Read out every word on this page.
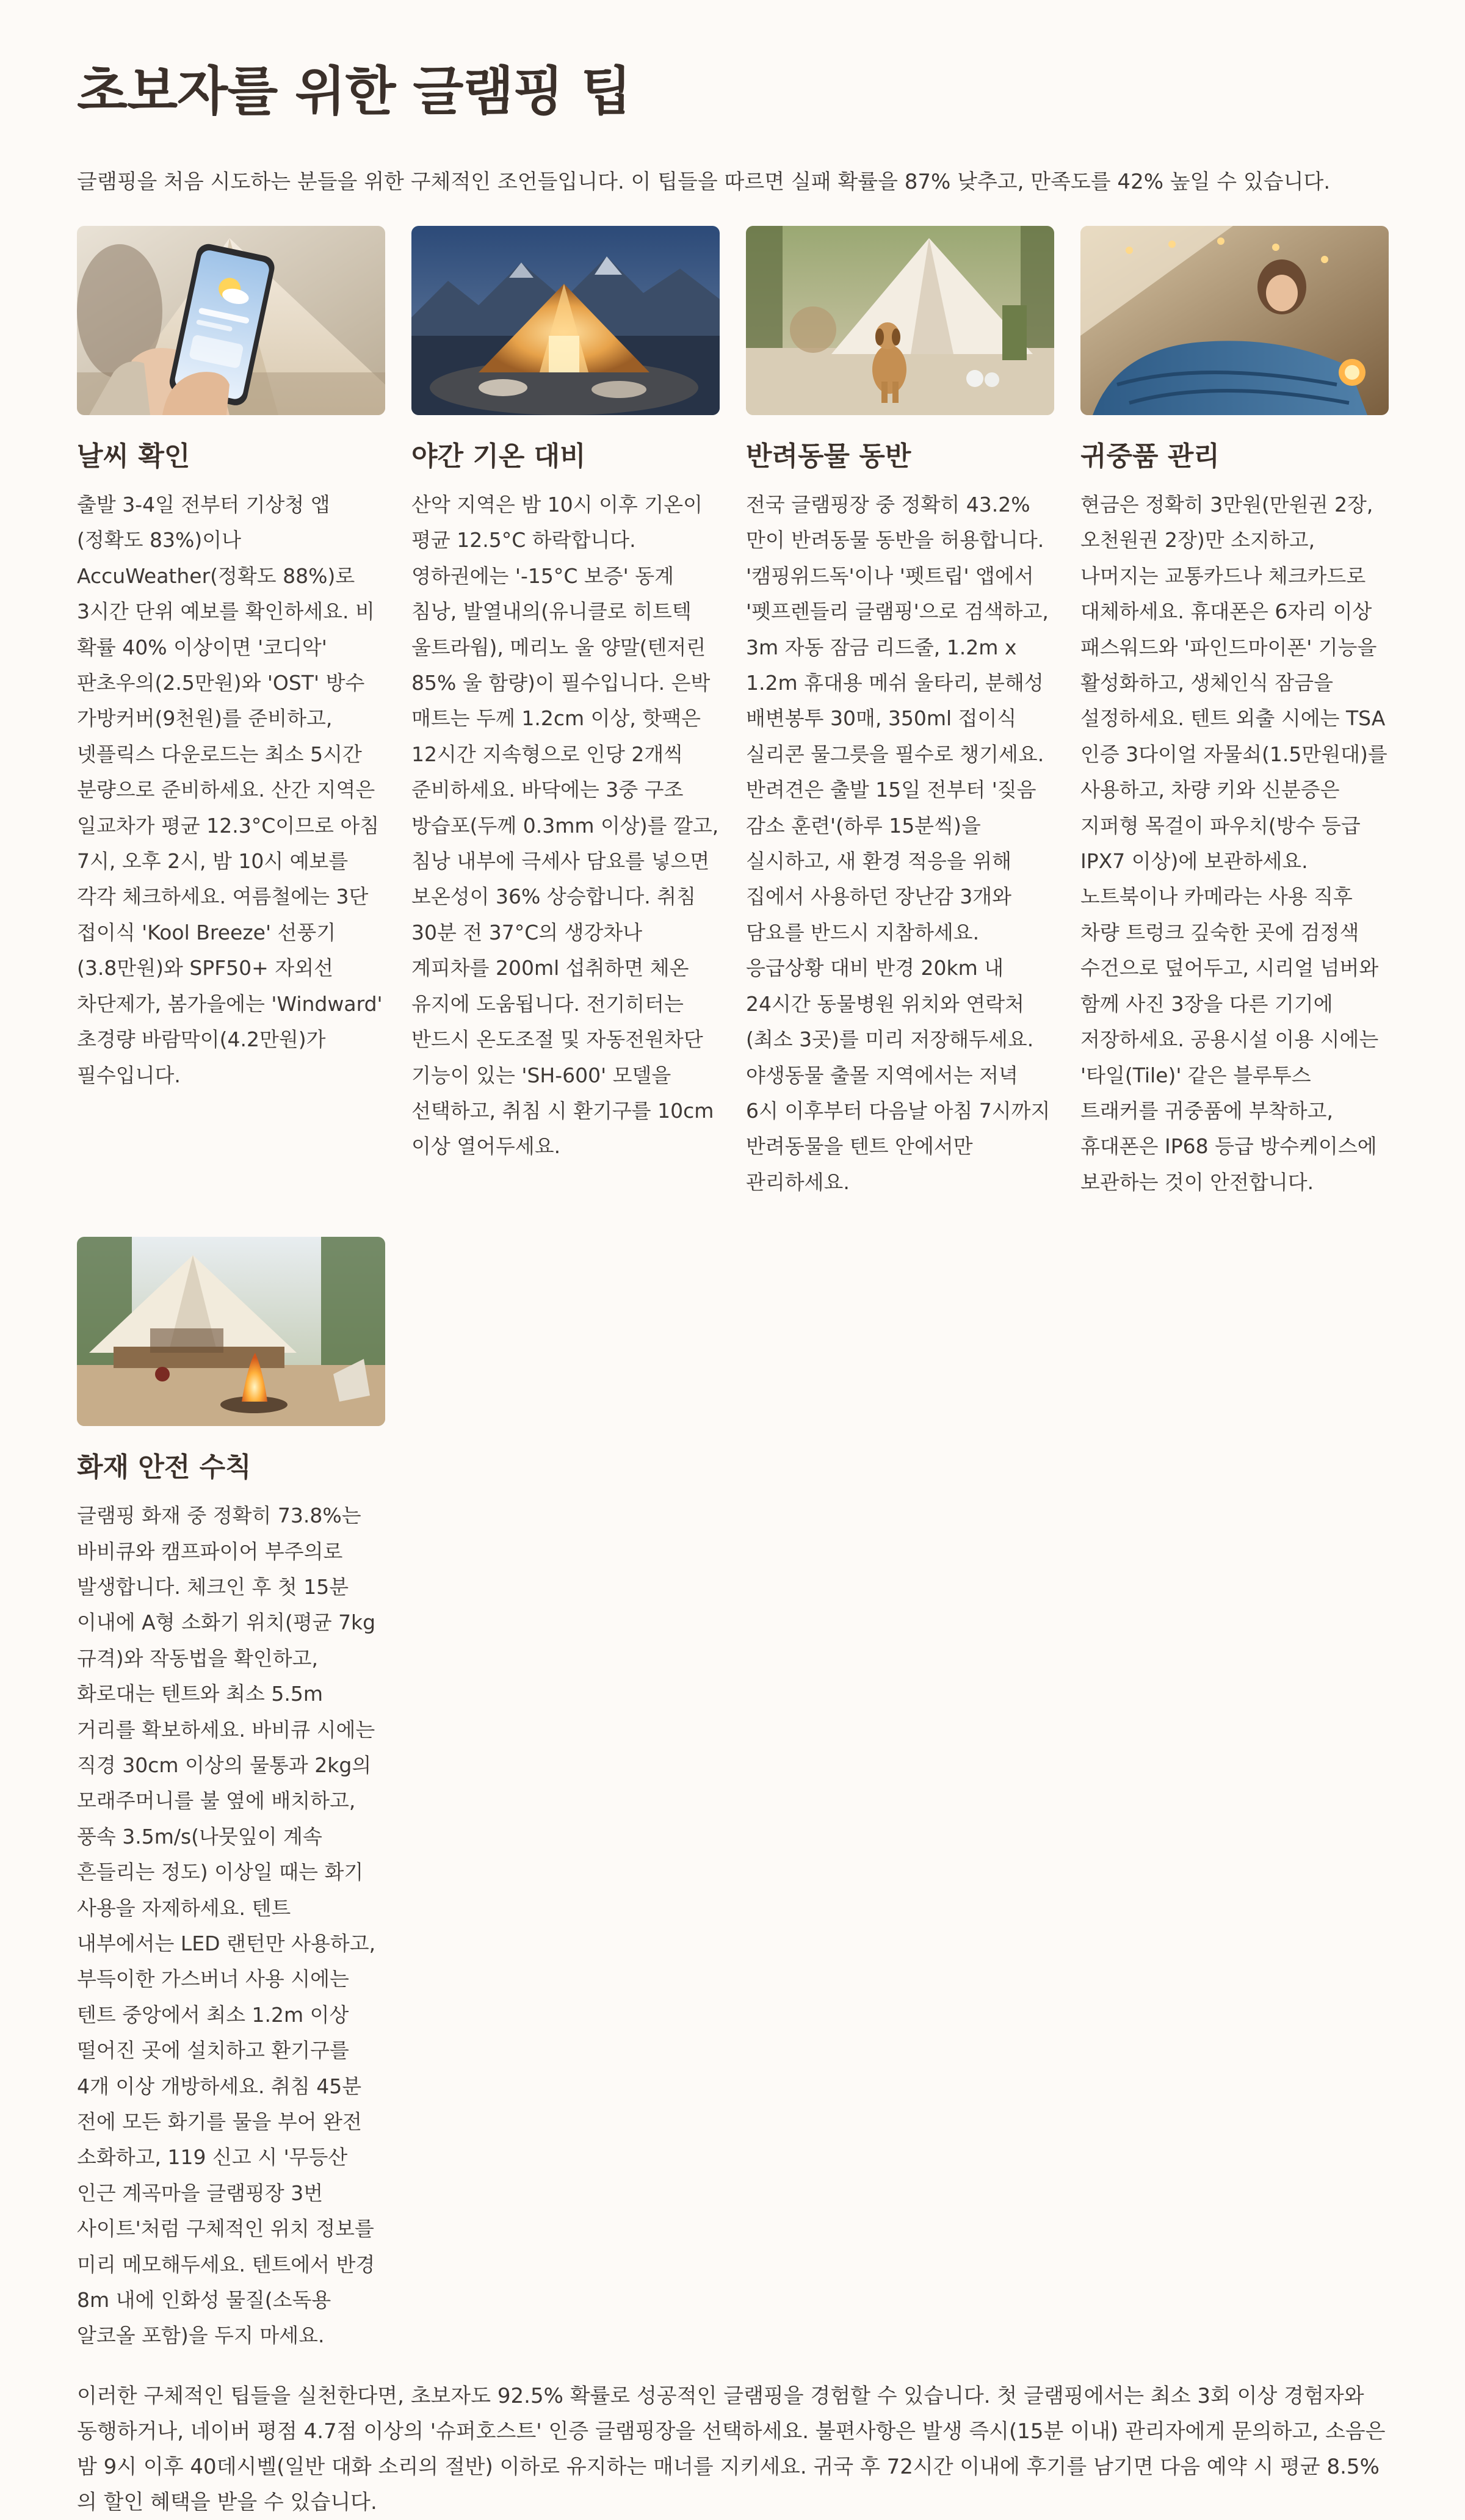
초보자를 위한 글램핑 팁

글램핑을 처음 시도하는 분들을 위한 구체적인 조언들입니다. 이 팁들을 따르면 실패 확률을 87% 낮추고, 만족도를 42% 높일 수 있습니다.

날씨 확인

출발 3-4일 전부터 기상청 앱(정확도 83%)이나 AccuWeather(정확도 88%)로 3시간 단위 예보를 확인하세요. 비 확률 40% 이상이면 '코디악' 판초우의(2.5만원)와 'OST' 방수 가방커버(9천원)를 준비하고, 넷플릭스 다운로드는 최소 5시간 분량으로 준비하세요. 산간 지역은 일교차가 평균 12.3°C이므로 아침 7시, 오후 2시, 밤 10시 예보를 각각 체크하세요. 여름철에는 3단 접이식 'Kool Breeze' 선풍기(3.8만원)와 SPF50+ 자외선 차단제가, 봄가을에는 'Windward' 초경량 바람막이(4.2만원)가 필수입니다.

야간 기온 대비

산악 지역은 밤 10시 이후 기온이 평균 12.5°C 하락합니다. 영하권에는 '-15°C 보증' 동계 침낭, 발열내의(유니클로 히트텍 울트라웜), 메리노 울 양말(텐저린 85% 울 함량)이 필수입니다. 은박 매트는 두께 1.2cm 이상, 핫팩은 12시간 지속형으로 인당 2개씩 준비하세요. 바닥에는 3중 구조 방습포(두께 0.3mm 이상)를 깔고, 침낭 내부에 극세사 담요를 넣으면 보온성이 36% 상승합니다. 취침 30분 전 37°C의 생강차나 계피차를 200ml 섭취하면 체온 유지에 도움됩니다. 전기히터는 반드시 온도조절 및 자동전원차단 기능이 있는 'SH-600' 모델을 선택하고, 취침 시 환기구를 10cm 이상 열어두세요.

반려동물 동반

전국 글램핑장 중 정확히 43.2%만이 반려동물 동반을 허용합니다. '캠핑위드독'이나 '펫트립' 앱에서 '펫프렌들리 글램핑'으로 검색하고, 3m 자동 잠금 리드줄, 1.2m x 1.2m 휴대용 메쉬 울타리, 분해성 배변봉투 30매, 350ml 접이식 실리콘 물그릇을 필수로 챙기세요. 반려견은 출발 15일 전부터 '짖음 감소 훈련'(하루 15분씩)을 실시하고, 새 환경 적응을 위해 집에서 사용하던 장난감 3개와 담요를 반드시 지참하세요. 응급상황 대비 반경 20km 내 24시간 동물병원 위치와 연락처(최소 3곳)를 미리 저장해두세요. 야생동물 출몰 지역에서는 저녁 6시 이후부터 다음날 아침 7시까지 반려동물을 텐트 안에서만 관리하세요.

귀중품 관리

현금은 정확히 3만원(만원권 2장, 오천원권 2장)만 소지하고, 나머지는 교통카드나 체크카드로 대체하세요. 휴대폰은 6자리 이상 패스워드와 '파인드마이폰' 기능을 활성화하고, 생체인식 잠금을 설정하세요. 텐트 외출 시에는 TSA 인증 3다이얼 자물쇠(1.5만원대)를 사용하고, 차량 키와 신분증은 지퍼형 목걸이 파우치(방수 등급 IPX7 이상)에 보관하세요. 노트북이나 카메라는 사용 직후 차량 트렁크 깊숙한 곳에 검정색 수건으로 덮어두고, 시리얼 넘버와 함께 사진 3장을 다른 기기에 저장하세요. 공용시설 이용 시에는 '타일(Tile)' 같은 블루투스 트래커를 귀중품에 부착하고, 휴대폰은 IP68 등급 방수케이스에 보관하는 것이 안전합니다.

화재 안전 수칙

글램핑 화재 중 정확히 73.8%는 바비큐와 캠프파이어 부주의로 발생합니다. 체크인 후 첫 15분 이내에 A형 소화기 위치(평균 7kg 규격)와 작동법을 확인하고, 화로대는 텐트와 최소 5.5m 거리를 확보하세요. 바비큐 시에는 직경 30cm 이상의 물통과 2kg의 모래주머니를 불 옆에 배치하고, 풍속 3.5m/s(나뭇잎이 계속 흔들리는 정도) 이상일 때는 화기 사용을 자제하세요. 텐트 내부에서는 LED 랜턴만 사용하고, 부득이한 가스버너 사용 시에는 텐트 중앙에서 최소 1.2m 이상 떨어진 곳에 설치하고 환기구를 4개 이상 개방하세요. 취침 45분 전에 모든 화기를 물을 부어 완전 소화하고, 119 신고 시 '무등산 인근 계곡마을 글램핑장 3번 사이트'처럼 구체적인 위치 정보를 미리 메모해두세요. 텐트에서 반경 8m 내에 인화성 물질(소독용 알코올 포함)을 두지 마세요.

이러한 구체적인 팁들을 실천한다면, 초보자도 92.5% 확률로 성공적인 글램핑을 경험할 수 있습니다. 첫 글램핑에서는 최소 3회 이상 경험자와 동행하거나, 네이버 평점 4.7점 이상의 '슈퍼호스트' 인증 글램핑장을 선택하세요. 불편사항은 발생 즉시(15분 이내) 관리자에게 문의하고, 소음은 밤 9시 이후 40데시벨(일반 대화 소리의 절반) 이하로 유지하는 매너를 지키세요. 귀국 후 72시간 이내에 후기를 남기면 다음 예약 시 평균 8.5%의 할인 혜택을 받을 수 있습니다.
